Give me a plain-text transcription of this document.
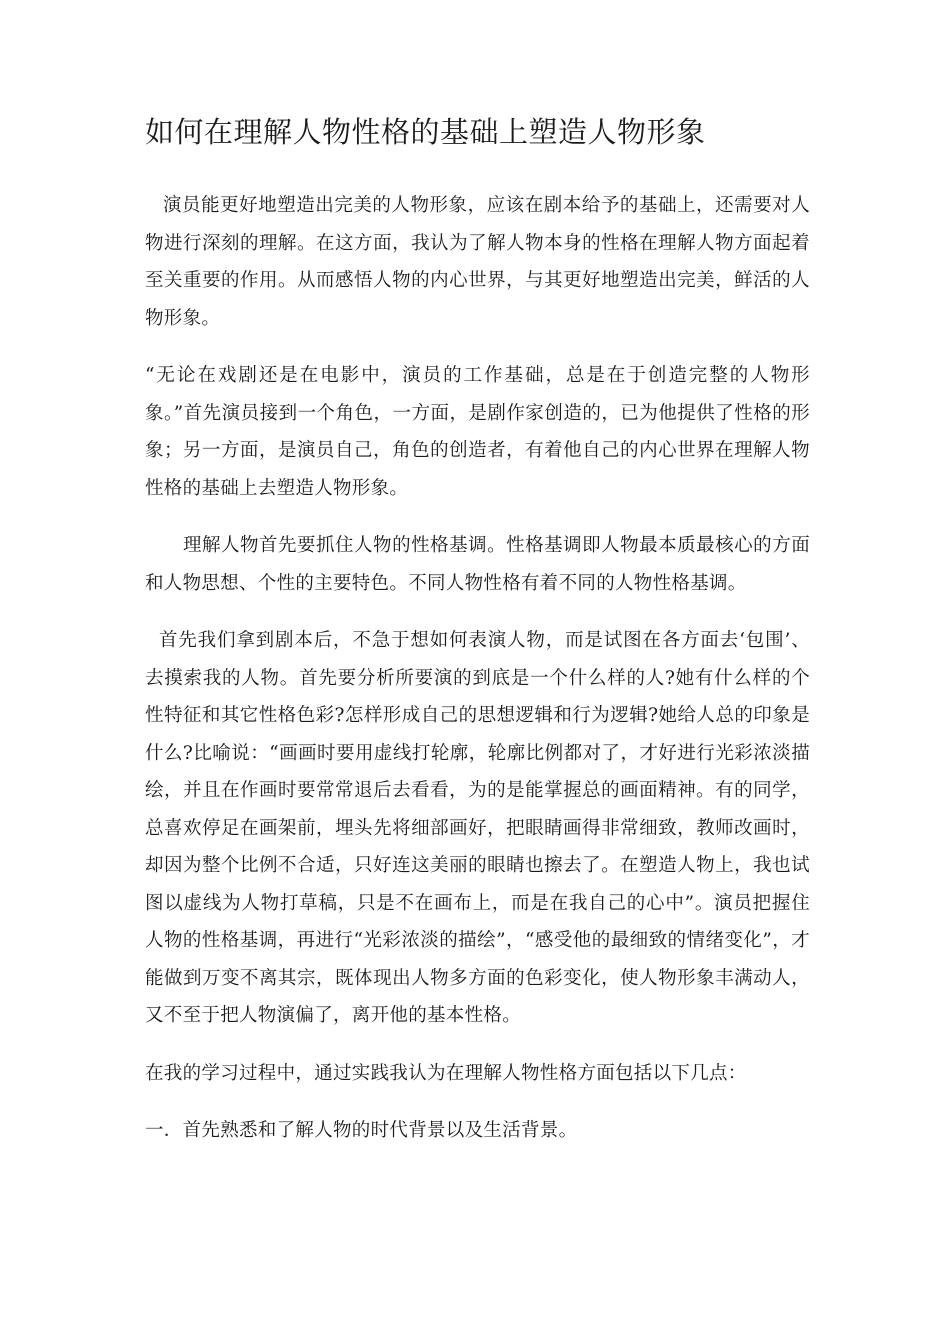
如何在理解人物性格的基础上塑造人物形象

演员能更好地塑造出完美的人物形象，应该在剧本给予的基础上，还需要对人物进行深刻的理解。在这方面，我认为了解人物本身的性格在理解人物方面起着至关重要的作用。从而感悟人物的内心世界，与其更好地塑造出完美，鲜活的人物形象。

“无论在戏剧还是在电影中，演员的工作基础，总是在于创造完整的人物形象。”首先演员接到一个角色，一方面，是剧作家创造的，已为他提供了性格的形象；另一方面，是演员自己，角色的创造者，有着他自己的内心世界在理解人物性格的基础上去塑造人物形象。

理解人物首先要抓住人物的性格基调。性格基调即人物最本质最核心的方面和人物思想、个性的主要特色。不同人物性格有着不同的人物性格基调。

首先我们拿到剧本后，不急于想如何表演人物，而是试图在各方面去‘包围’、去摸索我的人物。首先要分析所要演的到底是一个什么样的人?她有什么样的个性特征和其它性格色彩?怎样形成自己的思想逻辑和行为逻辑?她给人总的印象是什么?比喻说：“画画时要用虚线打轮廓，轮廓比例都对了，才好进行光彩浓淡描绘，并且在作画时要常常退后去看看，为的是能掌握总的画面精神。有的同学，总喜欢停足在画架前，埋头先将细部画好，把眼睛画得非常细致，教师改画时，却因为整个比例不合适，只好连这美丽的眼睛也擦去了。在塑造人物上，我也试图以虚线为人物打草稿，只是不在画布上，而是在我自己的心中”。演员把握住人物的性格基调，再进行“光彩浓淡的描绘”，“感受他的最细致的情绪变化”，才能做到万变不离其宗，既体现出人物多方面的色彩变化，使人物形象丰满动人，又不至于把人物演偏了，离开他的基本性格。

在我的学习过程中，通过实践我认为在理解人物性格方面包括以下几点：

一．首先熟悉和了解人物的时代背景以及生活背景。
